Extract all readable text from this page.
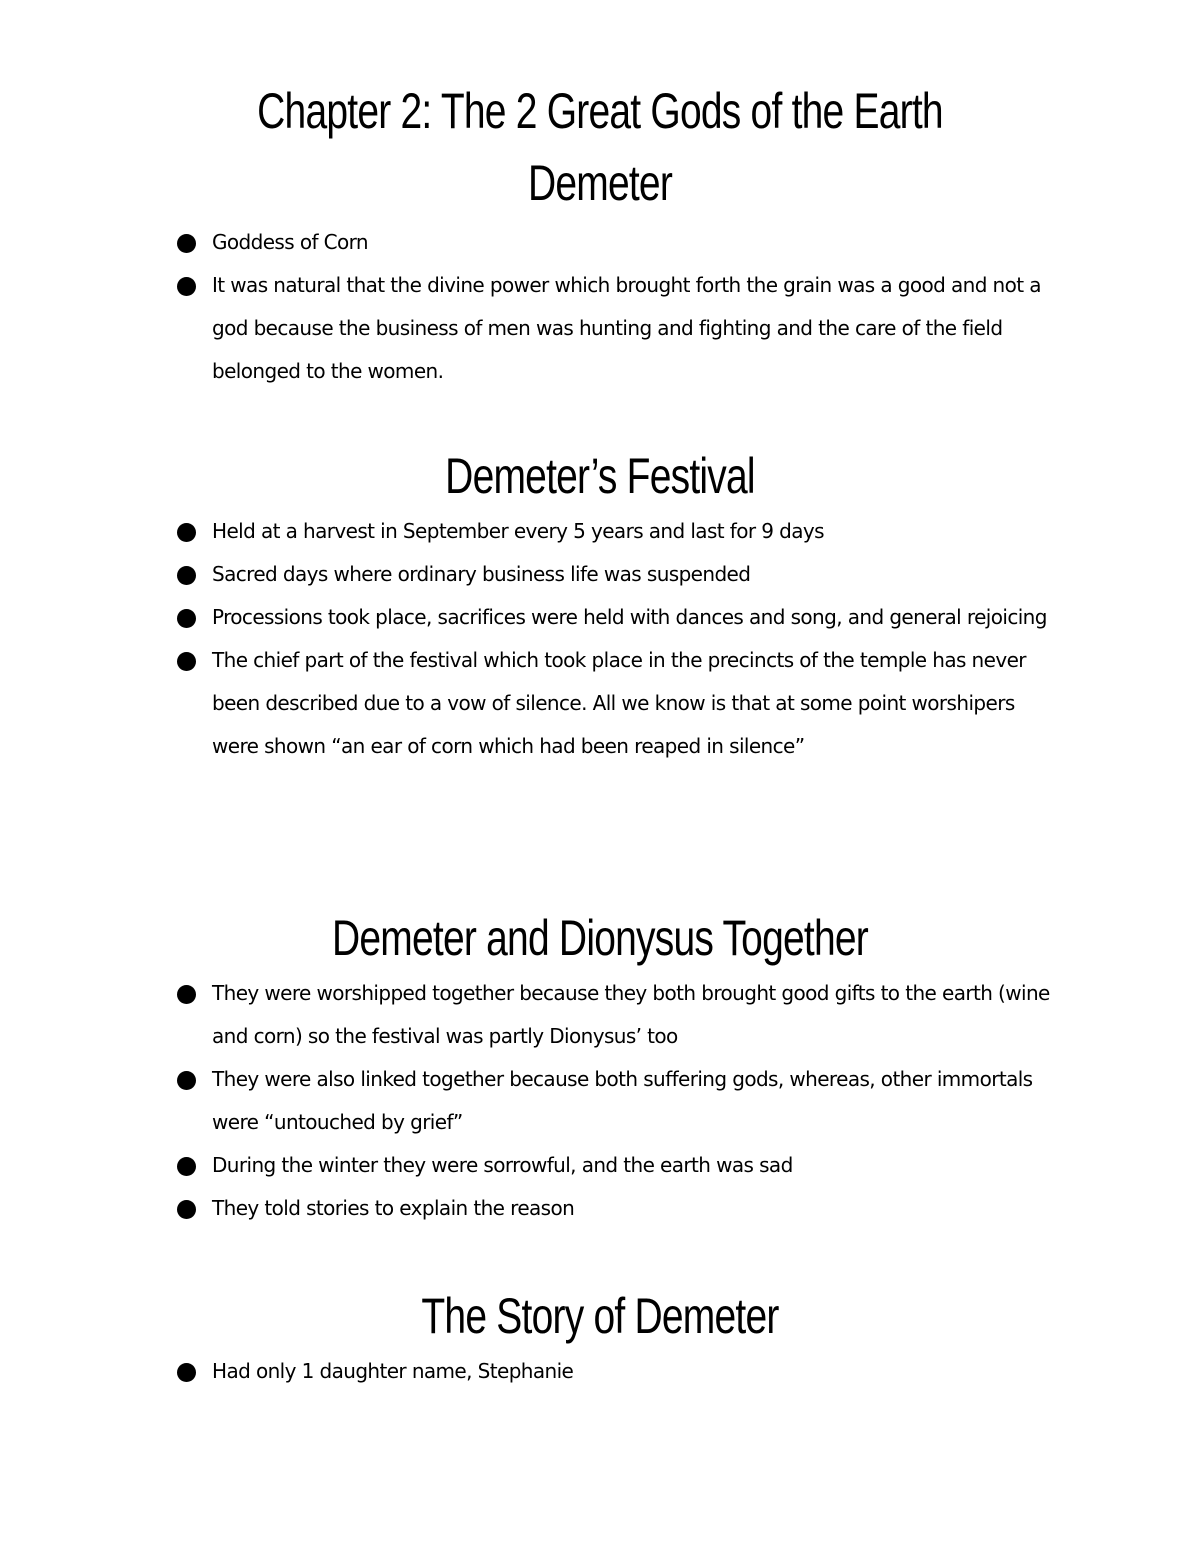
Chapter 2: The 2 Great Gods of the Earth
Demeter
Goddess of Corn
It was natural that the divine power which brought forth the grain was a good and not a god because the business of men was hunting and fighting and the care of the field belonged to the women.
Demeter’s Festival
Held at a harvest in September every 5 years and last for 9 days
Sacred days where ordinary business life was suspended
Processions took place, sacrifices were held with dances and song, and general rejoicing
The chief part of the festival which took place in the precincts of the temple has never been described due to a vow of silence. All we know is that at some point worshipers were shown “an ear of corn which had been reaped in silence”
Demeter and Dionysus Together
They were worshipped together because they both brought good gifts to the earth (wine and corn) so the festival was partly Dionysus’ too
They were also linked together because both suffering gods, whereas, other immortals were “untouched by grief”
During the winter they were sorrowful, and the earth was sad
They told stories to explain the reason
The Story of Demeter
Had only 1 daughter name, Stephanie
